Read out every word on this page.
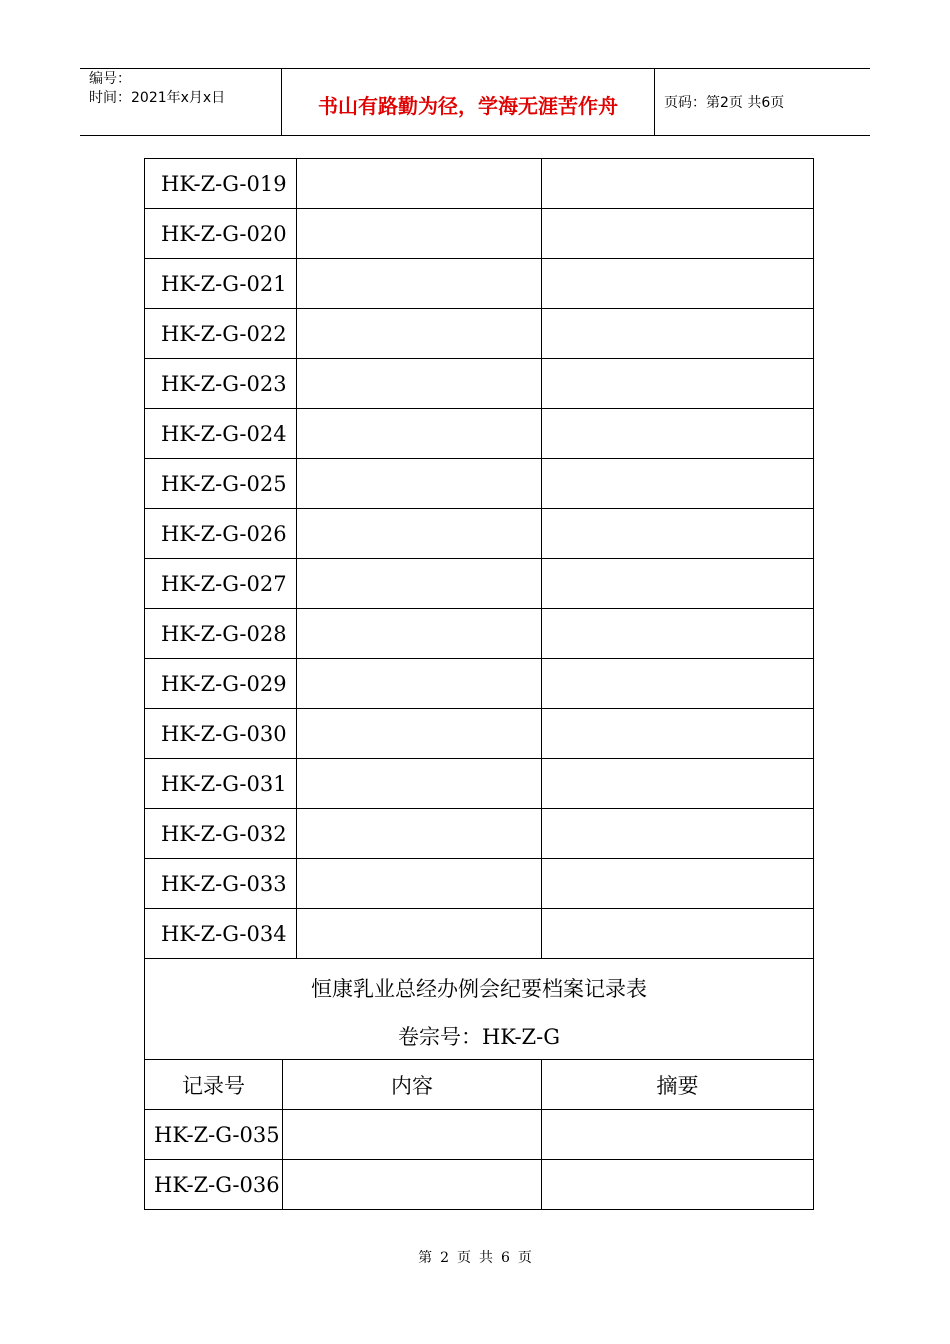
编号：
时间：2021年x月x日	书山有路勤为径，学海无涯苦作舟	页码：第2页 共6页
HK-Z-G-019
HK-Z-G-020
HK-Z-G-021
HK-Z-G-022
HK-Z-G-023
HK-Z-G-024
HK-Z-G-025
HK-Z-G-026
HK-Z-G-027
HK-Z-G-028
HK-Z-G-029
HK-Z-G-030
HK-Z-G-031
HK-Z-G-032
HK-Z-G-033
HK-Z-G-034
恒康乳业总经办例会纪要档案记录表
卷宗号：HK-Z-G
记录号	内容	摘要
HK-Z-G-035
HK-Z-G-036
第 2 页 共 6 页
